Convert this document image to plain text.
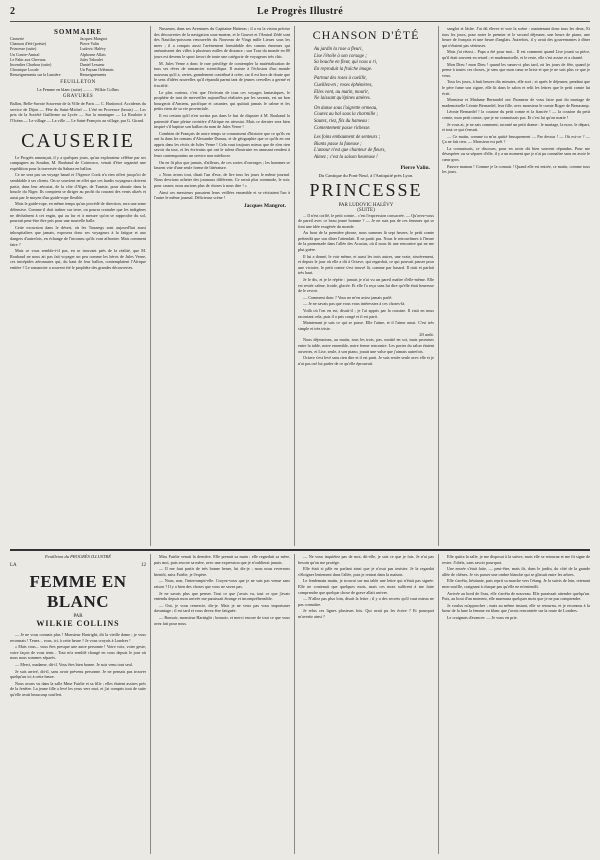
2	Le Progrès Illustré
SOMMAIRE
Causerie
Chanson d'été (poésie)
Princesse (suite)
Un Contre-Amiral
Le Fakir aux Chevaux
Incendies Charbon (suite)
Chronique Locale
Renseignements sur la Lumière
Jacques Mangrot
Pierre Valin
Ludovic Halévy
Alphonse Allais
Jules Taboulet
Daniel Lesueur
Un Paysan Orléanais
Renseignements
FEUILLETON
La Femme en blanc (suite) .......... Wilkie Collins
GRAVURES
Ballon, Belle-Savoie Souvenir de la Ville de Paris — C. Haritonof. Accidents du service de Dijon — Fête du Saint-Michel — L'été en Provence (bouts) — Les prix de la Société Guillerme au Lycée — Sur la montagne — La Roulotte à l'Océan — Le village — La ville — Le Saint-François au village, par G. Girard.
CAUSERIE

Le Progrès annonçait, il y a quelques jours, qu'un explorateur célèbre par ses campagnes au Soudan, M. Roubaud de Coirnosco, venait d'être organisé une expédition pour la traversée du Sahara en ballon.

Ce ne sera pas un voyage banal et l'Agence Cook n'a rien offert jusqu'ici de semblable à ses clients. On se souvient en effet que ces hardis voyageurs doivent partir, dans leur aérostat, de la côte d'Alger, de Tunisie, pour aboutir dans la boucle du Niger. Ils comptent se diriger au profit du courant des vents alizés et aussi par le moyen d'un guide-rope flexible.

Mais le guide-rope, en même temps qu'un procédé de direction, sera une arme défensive. Comme il doit traîner sur terre, on pourra craindre que les indigènes ne déchaînent à cet engin, qui au fur et à mesure qu'on se rapproche du sol, pourrait peut-être être pris pour une nouvelle balle.

Cette excursion dans le désert, où les Touaregs sont aujourd'hui aussi inhospitaliers que jamais, exposera donc ses voyageurs à la fatigue et aux dangers d'autrefois, en échange de l'inconnu qu'ils vont affronter. Mais comment faire ?

Mais ce vous semble-t-il pas, en se trouvant près de la réalité, que M. Roubaud ne nous ait pas fait voyager un peu comme les héros de Jules Verne, ces intrépides aéronautes qui, du haut de leur ballon, contemplaient l'Afrique entière ? Le romancier a souvent été le prophète des grandes découvertes.

Nusseum, dans ses Aventures du Capitaine Hatteras ; il a vu la vision précise des découvertes de la navigation sous-marine, et le Gouvet et l'Amiral Zédé sont des Nautilus-poissons renouvelés du Nouveau de Vingt mille Lieues sous les mers ; il a conquis aussi l'avènement formidable des canons énormes qui anéantissent des villes à plusieurs milles de distance ; son Tour du monde en 80 jours est devenu le sport favori de toute une catégorie de voyageurs très chic.

M. Jules Verne a donc le rare privilège de contempler la matérialisation de tous ses rêves de romancier scientifique. Il assiste à l'éclosion d'un monde nouveau qu'il a, certes, grandement contribué à créer, car il est hors de doute que le sens d'idées nouvelles qu'il répandit parmi tant de jeunes cervelles a germé et fructifié.

Le plus curieux, c'est que l'écrivain de tous ces voyages fantastiques, le prophète de tant de merveilles aujourd'hui réalisées par les savants, est un bon bourgeois d'Amiens, pacifique et casanier, qui quittait jamais le calme et les petits riens de sa vie provinciale.

Il est certain qu'il n'en sortira pas dans le but de disputer à M. Roubaud la paternité d'une pleine croisière d'Afrique en aérostat. Mais ce dernier sera bien inspiré s'il baptise son ballon du nom de Jules Verne !

Combien de Français de notre temps se connaissent d'histoire que ce qu'ils en ont lu dans les romans d'Alexandre Dumas, et de géographie que ce qu'ils en ont appris dans les récits de Jules Verne ! Cela vaut toujours mieux que de n'en rien savoir du tout, et les écrivains qui ont le talent d'instruire en amusant rendent à leurs contemporains un service non médiocre.

On en lit plus que jamais, d'ailleurs, de ces sortes d'ouvrages ; les hommes se lassent vite d'une seule forme de littérature.

« Nous avons tout, disait l'un d'eux, de lire tous les jours le même journal. Nous devrions acheter des journaux différents. Ce serait plus commode, le soir, pour causer, nous aurions plus de choses à nous dire ! »

Ainsi ces messieurs passaient leurs veillées ensemble et se récitaient l'un à l'autre le même journal. Délicieuse scène !

Jacques Mangrot.
CHANSON D'ÉTÉ
Au jardin la rose a fleuri,
Lise l'étoile à son corsage ;
Sa bouche en fleur, qui vous a ri,
En reproduit la fraîche image.
Partout des roses à cueillir,
Cueillez-en ; roses éphémères,
Elles vont, au matin, mourir,
Ne laissant qu'épines amères.
On danse sous l'aigrette ormeau,
Courez au bal sous la charmille ;
Sautez, riez, fils du hameau :
Contentement passe richesse.
Les foins embaument de senteurs ;
Biants passe la faneuse ;
L'amour n'est que chanteur de fleurs,
Aimez ; c'est la saison heureuse !
Pierre Valin.
Du Cantique du Pont-Neuf, à l'Antiquité près Lyon.
PRINCESSE
PAR LUDOVIC HALÉVY
(SUITE)

... Il n'est coiffé, le petit comte... c'est l'expression consacrée. — Qu'avez-vous de pareil avec ce beau jeune homme ? — Je ne suis pas de ces femmes qui se font une idée exagérée du monde.

Au bout de la première phrase, nous sommes là sept heures, le petit comte prétendit que son dîner l'attendait. Il ne partit pas. Nous le retrouvâmes à l'heure de la promenade dans l'allée des Acacias, où il nous fit une rencontre qui ne me plut guère.

Il lui a donné, le voir même, et aussi les trois autres, une vraie, sincèrement, et depuis le jour où elle a dit à Octave, qui regardait, ce qui pouvait passer pour une victoire, le petit comte s'est trouvé là, comme par hasard. Il riait et parlait très haut.

Je le dis, et je le répète : jamais je n'ai vu un pareil maître d'elle-même. Elle est restée calme, froide, glacée. Et elle l'a reçu sans lui dire qu'elle était heureuse de le revoir.

— Comment donc ? Vous ne m'en aviez jamais parlé.

— Je ne savais pas que vous vous intéressiez à ces choses-là.

Voilà où l'on en est, disait-il ; je l'ai appris par la cousine. Il riait en nous racontant cela, puis il a pris congé et il est parti.

Maintenant je sais ce qui se passe. Elle l'aime, et il l'aime aussi. C'est très simple et très triste.

20 août.

Nous déjeunions, au matin, tous les trois, pas, moitié en soi, mais promises entre la table, notre ensemble, notre ferme rencontre. Les portes du salon étaient ouvertes, et Lise, seule, à son piano, jouait une valse que j'aimais autrefois.

Octave s'est levé sans rien dire et il est parti. Je suis restée seule avec elle et je n'ai pas osé lui parler de ce qu'elle éprouvait.

sanglot et lâche. J'ai dû élever et voir la scène : maintenant donc tous les deux, Et tous les jours, pour noter le premier et le second déjeuner, une heure de piano, une heure de français et une heure d'anglais. Autrefois, il y avait des gouvernantes à dîner qui n'étaient pas sérieuses.

Mais j'ai réussi... Papa a été pour moi... Il est comment quand Lise jouait sa pièce, qu'il était souvent en retard ; et mademoiselle, et le reste, elle s'est assise et a chanté.

Mon Dieu ! mon Dieu ! quand les sœurs-ci plus tard, où les jours de fête, quand je pense à toutes ces choses, je sens que mon cœur se brise et que je ne sais plus ce que je veux.

Tous les jours, à huit heures dix minutes, elle sort ; et après le déjeuner, pendant que le père fume son cigare, elle lit dans le salon et relit les lettres que le petit comte lui écrit.

Monsieur et Madame Bernardel ont l'honneur de vous faire part du mariage de mademoiselle Léonie Bernardel, leur fille, avec monsieur le comte Roger de Beaucamp.

Léonie Bernardel ! la cousine du petit comte et la fiancée ! — la cousine du petit comte, mon petit comte, que je ne connaissais pas. Et c'est lui qu'on marie !

Je vous ai, je ne sais comment, raconté un petit drame : le mariage, la noce, le départ, et tout ce qui s'ensuit.

— Ce matin, comme tu m'as quitté brusquement — Par dessus ! — Où est-ce ? — Ça ne fait rien. — Monsieur est prêt ?

La connaissais, ce discours, pour en avoir dit bien souvent répandus. Pour me désespérer ou se séparer d'elle, il y a un moment que je n'ai pu connaître sans en avoir le cœur gros.

Pauvre maman ! Comme je la connais ! Quand elle est entrée, ce matin, comme tous les jours.

Feuilleton du PROGRÈS ILLUSTRÉ
LA	12
FEMME EN BLANC
PAR
WILKIE COLLINS

— Je ne vous connais plus ! Monsieur Hartright, dit la vieille dame ; je vous reconnais ! Tenez... vous, ici, à cette heure ? Je vous croyais à Londres !

« Mais vous... vous êtes presque une autre personne ! Votre voix, votre geste, votre façon de vous tenir... Tout m'a semblé changé en vous depuis le jour où nous nous sommes séparés.

— Merci, madame, dit-il. Vous êtes bien bonne. Je suis venu tout seul.

Je suis arrivé, dit-il, sans avoir prévenu personne. Je ne pensais pas trouver quelqu'un ici à cette heure.

Nous avons vu dans la salle Mme Fairlie et sa fille ; elles étaient assises près de la fenêtre. La jeune fille a levé les yeux vers moi, et j'ai compris tout de suite qu'elle avait beaucoup souffert.

Miss Fairlie venait la dernière. Elle prenait sa main ; elle regardait sa mère, puis moi, puis encore sa mère, avec une expression que je n'oublierai jamais.

— Il me faut partir de très bonne heure, lui dis-je ; nous nous reverrons bientôt, miss Fairlie, je l'espère.

— Nous, non, l'interrompit-elle. Croyez-vous que je ne suis pas venue sans raison ? Il y a bien des choses que vous ne savez pas.

Je ne savais plus que penser. Tout ce que j'avais vu, tout ce que j'avais entendu depuis mon arrivée me paraissait étrange et incompréhensible.

— Oui, je vous remercie, dis-je. Mais je ne veux pas vous importuner davantage ; il est tard et vous devez être fatiguée.

— Bonsoir, monsieur Hartright ; bonsoir, et merci encore de tout ce que vous avez fait pour nous.

— Ne vous inquiétez pas de moi, dit-elle, je sais ce que je fais. Je n'ai pas besoin qu'on me protège.

Elle était si pâle en parlant ainsi que je n'osai pas insister. Je la regardai s'éloigner lentement dans l'allée, puis je rentrai dans la maison.

Le lendemain matin, je trouvai sur ma table une lettre qui n'était pas signée. Elle ne contenait que quelques mots, mais ces mots suffirent à me faire comprendre que quelque chose de grave allait arriver.

— N'allez pas plus loin, disait la lettre ; il y a des secrets qu'il vaut mieux ne pas connaître.

Je relus ces lignes plusieurs fois. Qui avait pu les écrire ? Et pourquoi m'avertir ainsi ?

Elle quitta la salle, je me disposai à la suivre, mais elle se retourna et me fit signe de rester. J'obéis, sans savoir pourquoi.

Une entrée s'était faite, — peut-être, mais ils, dans le jardin, du côté de la grande allée de chênes. Je vis passer une ombre blanche qui se glissait entre les arbres.

Elle s'arrêta, hésitante, puis reprit sa marche vers l'étang. Je la suivis de loin, retenant mon souffle, craignant à chaque pas qu'elle ne m'entendît.

Arrivée au bord de l'eau, elle s'arrêta de nouveau. Elle paraissait attendre quelqu'un. Puis, au bout d'un moment, elle murmura quelques mots que je ne pus comprendre.

Je voulus m'approcher ; mais au même instant, elle se retourna, et je reconnus à la lueur de la lune la femme en blanc que j'avais rencontrée sur la route de Londres.

Le craignais d'avancer. — Je vous en prie.
